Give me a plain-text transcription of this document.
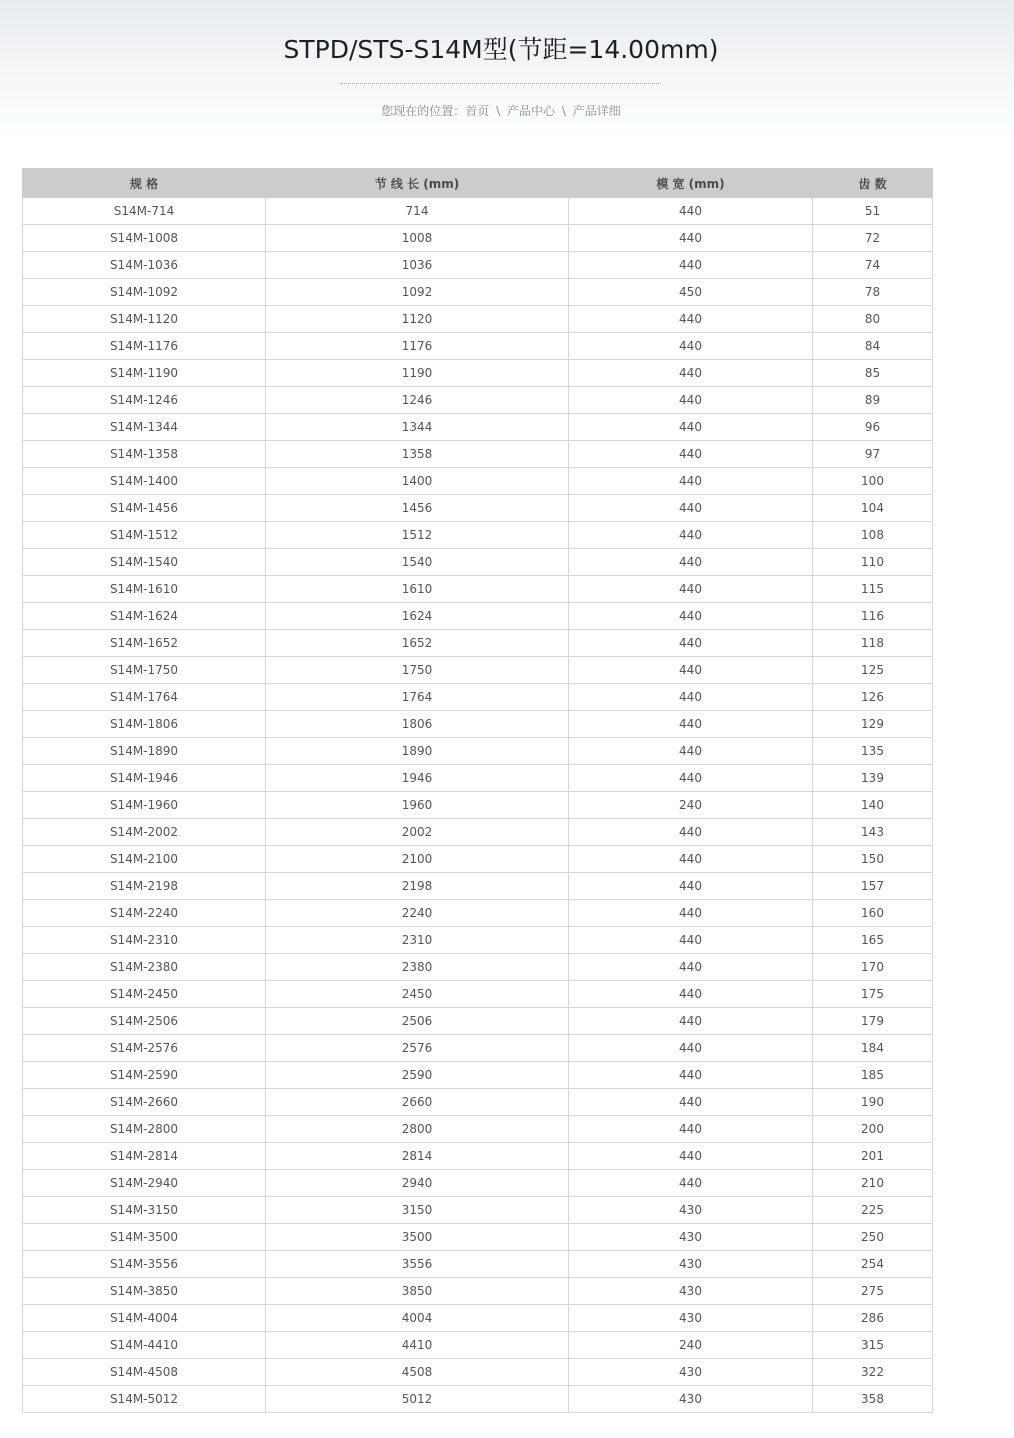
STPD/STS-S14M型(节距=14.00mm)
您现在的位置：首页 \ 产品中心 \ 产品详细
规 格	节 线 长 (mm)	模 宽 (mm)	齿 数
S14M-714	714	440	51
S14M-1008	1008	440	72
S14M-1036	1036	440	74
S14M-1092	1092	450	78
S14M-1120	1120	440	80
S14M-1176	1176	440	84
S14M-1190	1190	440	85
S14M-1246	1246	440	89
S14M-1344	1344	440	96
S14M-1358	1358	440	97
S14M-1400	1400	440	100
S14M-1456	1456	440	104
S14M-1512	1512	440	108
S14M-1540	1540	440	110
S14M-1610	1610	440	115
S14M-1624	1624	440	116
S14M-1652	1652	440	118
S14M-1750	1750	440	125
S14M-1764	1764	440	126
S14M-1806	1806	440	129
S14M-1890	1890	440	135
S14M-1946	1946	440	139
S14M-1960	1960	240	140
S14M-2002	2002	440	143
S14M-2100	2100	440	150
S14M-2198	2198	440	157
S14M-2240	2240	440	160
S14M-2310	2310	440	165
S14M-2380	2380	440	170
S14M-2450	2450	440	175
S14M-2506	2506	440	179
S14M-2576	2576	440	184
S14M-2590	2590	440	185
S14M-2660	2660	440	190
S14M-2800	2800	440	200
S14M-2814	2814	440	201
S14M-2940	2940	440	210
S14M-3150	3150	430	225
S14M-3500	3500	430	250
S14M-3556	3556	430	254
S14M-3850	3850	430	275
S14M-4004	4004	430	286
S14M-4410	4410	240	315
S14M-4508	4508	430	322
S14M-5012	5012	430	358
